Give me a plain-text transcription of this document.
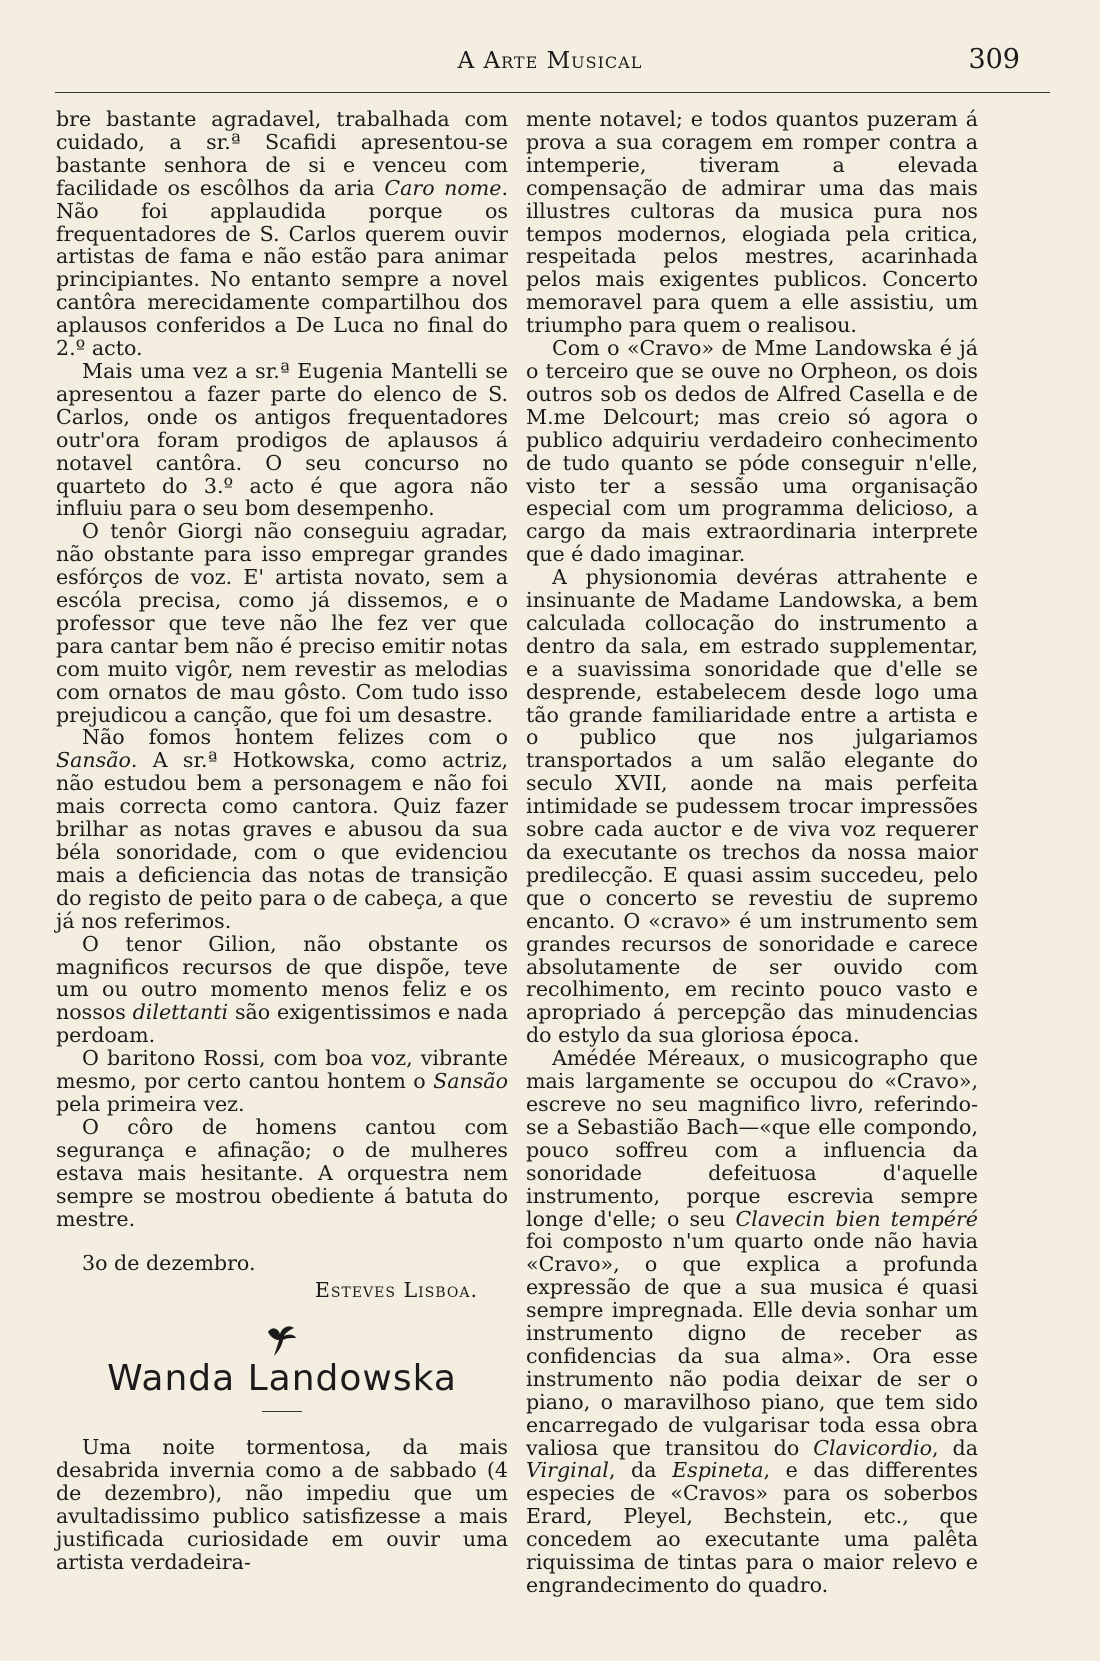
A Arte Musical	309

bre bastante agradavel, trabalhada com cuidado, a sr.ª Scafidi apresentou-se bastante senhora de si e venceu com facilidade os escôlhos da aria Caro nome. Não foi applaudida porque os frequentadores de S. Carlos querem ouvir artistas de fama e não estão para animar principiantes. No entanto sempre a novel cantôra merecidamente compartilhou dos aplausos conferidos a De Luca no final do 2.º acto.

Mais uma vez a sr.ª Eugenia Mantelli se apresentou a fazer parte do elenco de S. Carlos, onde os antigos frequentadores outr'ora foram prodigos de aplausos á notavel cantôra. O seu concurso no quarteto do 3.º acto é que agora não influiu para o seu bom desempenho.

O tenôr Giorgi não conseguiu agradar, não obstante para isso empregar grandes esfórços de voz. E' artista novato, sem a escóla precisa, como já dissemos, e o professor que teve não lhe fez ver que para cantar bem não é preciso emitir notas com muito vigôr, nem revestir as melodias com ornatos de mau gôsto. Com tudo isso prejudicou a canção, que foi um desastre.

Não fomos hontem felizes com o Sansão. A sr.ª Hotkowska, como actriz, não estudou bem a personagem e não foi mais correcta como cantora. Quiz fazer brilhar as notas graves e abusou da sua béla sonoridade, com o que evidenciou mais a deficiencia das notas de transição do registo de peito para o de cabeça, a que já nos referimos.

O tenor Gilion, não obstante os magnificos recursos de que dispõe, teve um ou outro momento menos feliz e os nossos dilettanti são exigentissimos e nada perdoam.

O baritono Rossi, com boa voz, vibrante mesmo, por certo cantou hontem o Sansão pela primeira vez.

O côro de homens cantou com segurança e afinação; o de mulheres estava mais hesitante. A orquestra nem sempre se mostrou obediente á batuta do mestre.

3o de dezembro.

Esteves Lisboa.

Wanda Landowska

Uma noite tormentosa, da mais desabrida invernia como a de sabbado (4 de dezembro), não impediu que um avultadissimo publico satisfizesse a mais justificada curiosidade em ouvir uma artista verdadeira-

mente notavel; e todos quantos puzeram á prova a sua coragem em romper contra a intemperie, tiveram a elevada compensação de admirar uma das mais illustres cultoras da musica pura nos tempos modernos, elogiada pela critica, respeitada pelos mestres, acarinhada pelos mais exigentes publicos. Concerto memoravel para quem a elle assistiu, um triumpho para quem o realisou.

Com o «Cravo» de Mme Landowska é já o terceiro que se ouve no Orpheon, os dois outros sob os dedos de Alfred Casella e de M.me Delcourt; mas creio só agora o publico adquiriu verdadeiro conhecimento de tudo quanto se póde conseguir n'elle, visto ter a sessão uma organisação especial com um programma delicioso, a cargo da mais extraordinaria interprete que é dado imaginar.

A physionomia devéras attrahente e insinuante de Madame Landowska, a bem calculada collocação do instrumento a dentro da sala, em estrado supplementar, e a suavissima sonoridade que d'elle se desprende, estabelecem desde logo uma tão grande familiaridade entre a artista e o publico que nos julgariamos transportados a um salão elegante do seculo XVII, aonde na mais perfeita intimidade se pudessem trocar impressões sobre cada auctor e de viva voz requerer da executante os trechos da nossa maior predilecção. E quasi assim succedeu, pelo que o concerto se revestiu de supremo encanto. O «cravo» é um instrumento sem grandes recursos de sonoridade e carece absolutamente de ser ouvido com recolhimento, em recinto pouco vasto e apropriado á percepção das minudencias do estylo da sua gloriosa época.

Amédée Méreaux, o musicographo que mais largamente se occupou do «Cravo», escreve no seu magnifico livro, referindo-se a Sebastião Bach—«que elle compondo, pouco soffreu com a influencia da sonoridade defeituosa d'aquelle instrumento, porque escrevia sempre longe d'elle; o seu Clavecin bien tempéré foi composto n'um quarto onde não havia «Cravo», o que explica a profunda expressão de que a sua musica é quasi sempre impregnada. Elle devia sonhar um instrumento digno de receber as confidencias da sua alma». Ora esse instrumento não podia deixar de ser o piano, o maravilhoso piano, que tem sido encarregado de vulgarisar toda essa obra valiosa que transitou do Clavicordio, da Virginal, da Espineta, e das differentes especies de «Cravos» para os soberbos Erard, Pleyel, Bechstein, etc., que concedem ao executante uma palêta riquissima de tintas para o maior relevo e engrandecimento do quadro.
